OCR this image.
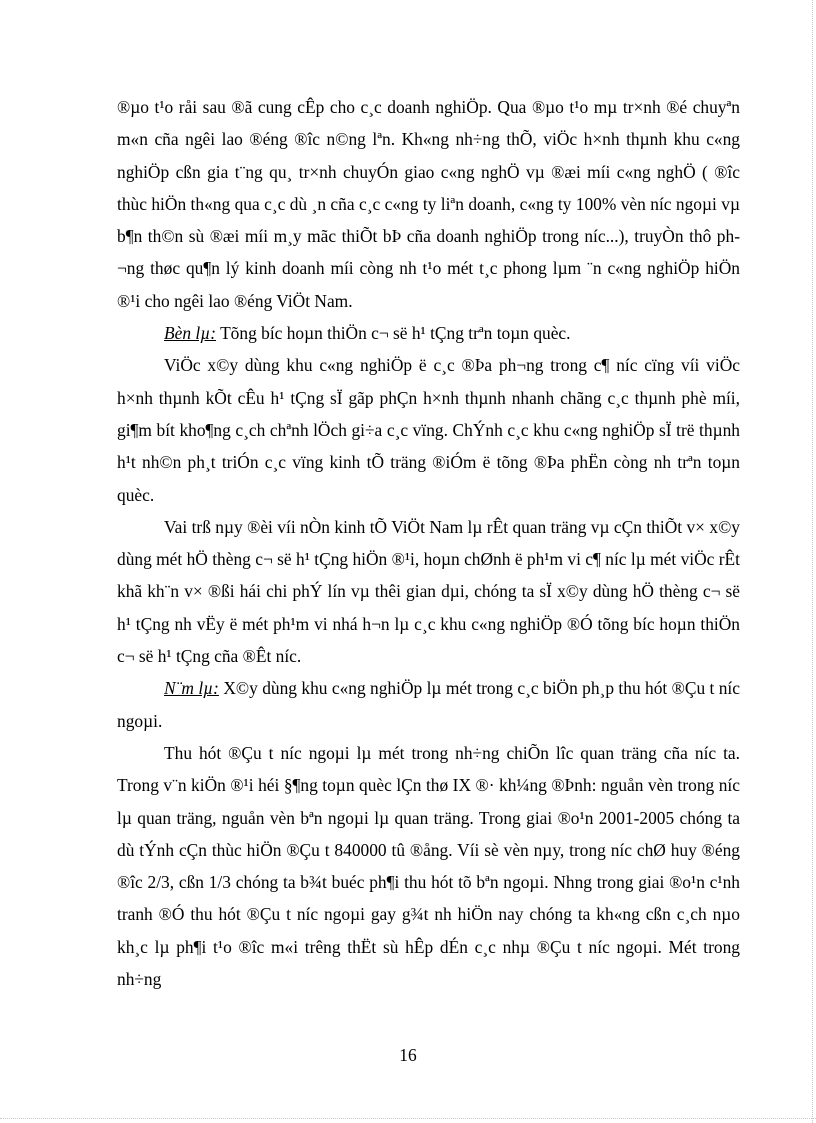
®µo t¹o råi sau ®ã cung cÊp cho c¸c doanh nghiÖp. Qua ®µo t¹o mµ tr×nh ®é chuyªn m«n cña ngêi lao ®éng ®îc n©ng lªn. Kh«ng nh÷ng thÕ, viÖc h×nh thµnh khu c«ng nghiÖp cßn gia t¨ng qu¸ tr×nh chuyÓn giao c«ng nghÖ vµ ®æi míi c«ng nghÖ ( ®îc thùc hiÖn th«ng qua c¸c dù ¸n cña c¸c c«ng ty liªn doanh, c«ng ty 100% vèn níc ngoµi vµ b¶n th©n sù ®æi míi m¸y mãc thiÕt bÞ cña doanh nghiÖp trong níc...), truyÒn thô ph¬ng thøc qu¶n lý kinh doanh míi còng nh t¹o mét t¸c phong lµm ¨n c«ng nghiÖp hiÖn ®¹i cho ngêi lao ®éng ViÖt Nam.

Bèn lµ: Tõng bíc hoµn thiÖn c¬ së h¹ tÇng trªn toµn quèc.

ViÖc x©y dùng khu c«ng nghiÖp ë c¸c ®Þa ph¬ng trong c¶ níc cïng víi viÖc h×nh thµnh kÕt cÊu h¹ tÇng sÏ gãp phÇn h×nh thµnh nhanh chãng c¸c thµnh phè míi, gi¶m bít kho¶ng c¸ch chªnh lÖch gi÷a c¸c vïng. ChÝnh c¸c khu c«ng nghiÖp sÏ trë thµnh h¹t nh©n ph¸t triÓn c¸c vïng kinh tÕ träng ®iÓm ë tõng ®Þa phËn còng nh trªn toµn quèc.

Vai trß nµy ®èi víi nÒn kinh tÕ ViÖt Nam lµ rÊt quan träng vµ cÇn thiÕt v× x©y dùng mét hÖ thèng c¬ së h¹ tÇng hiÖn ®¹i, hoµn chØnh ë ph¹m vi c¶ níc lµ mét viÖc rÊt khã kh¨n v× ®ßi hái chi phÝ lín vµ thêi gian dµi, chóng ta sÏ x©y dùng hÖ thèng c¬ së h¹ tÇng nh vËy ë mét ph¹m vi nhá h¬n lµ c¸c khu c«ng nghiÖp ®Ó tõng bíc hoµn thiÖn c¬ së h¹ tÇng cña ®Êt níc.

N¨m lµ: X©y dùng khu c«ng nghiÖp lµ mét trong c¸c biÖn ph¸p thu hót ®Çu t níc ngoµi.

Thu hót ®Çu t níc ngoµi lµ mét trong nh÷ng chiÕn lîc quan träng cña níc ta. Trong v¨n kiÖn ®¹i héi §¶ng toµn quèc lÇn thø IX ®· kh¼ng ®Þnh: nguån vèn trong níc lµ quan träng, nguån vèn bªn ngoµi lµ quan träng. Trong giai ®o¹n 2001-2005 chóng ta dù tÝnh cÇn thùc hiÖn ®Çu t 840000 tû ®ång. Víi sè vèn nµy, trong níc chØ huy ®éng ®îc 2/3, cßn 1/3 chóng ta b¾t buéc ph¶i thu hót tõ bªn ngoµi. Nhng trong giai ®o¹n c¹nh tranh ®Ó thu hót ®Çu t níc ngoµi gay g¾t nh hiÖn nay chóng ta kh«ng cßn c¸ch nµo kh¸c lµ ph¶i t¹o ®îc m«i trêng thËt sù hÊp dÉn c¸c nhµ ®Çu t níc ngoµi. Mét trong nh÷ng

16
